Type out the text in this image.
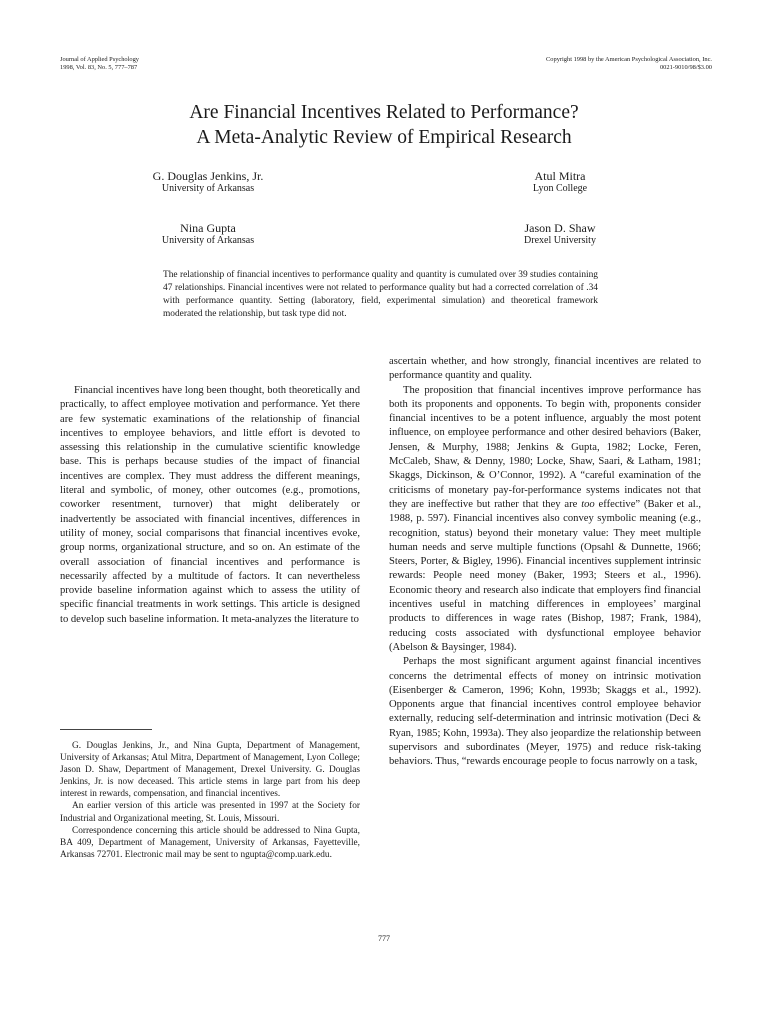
Journal of Applied Psychology
1998, Vol. 83, No. 5, 777–787
Copyright 1998 by the American Psychological Association, Inc.
0021-9010/98/$3.00
Are Financial Incentives Related to Performance?
A Meta-Analytic Review of Empirical Research
G. Douglas Jenkins, Jr.
University of Arkansas
Atul Mitra
Lyon College
Nina Gupta
University of Arkansas
Jason D. Shaw
Drexel University
The relationship of financial incentives to performance quality and quantity is cumulated over 39 studies containing 47 relationships. Financial incentives were not related to performance quality but had a corrected correlation of .34 with performance quantity. Setting (laboratory, field, experimental simulation) and theoretical framework moderated the relationship, but task type did not.

Financial incentives have long been thought, both theoretically and practically, to affect employee motivation and performance. Yet there are few systematic examinations of the relationship of financial incentives to employee behaviors, and little effort is devoted to assessing this relationship in the cumulative scientific knowledge base. This is perhaps because studies of the impact of financial incentives are complex. They must address the different meanings, literal and symbolic, of money, other outcomes (e.g., promotions, coworker resentment, turnover) that might deliberately or inadvertently be associated with financial incentives, differences in utility of money, social comparisons that financial incentives evoke, group norms, organizational structure, and so on. An estimate of the overall association of financial incentives and performance is necessarily affected by a multitude of factors. It can nevertheless provide baseline information against which to assess the utility of specific financial treatments in work settings. This article is designed to develop such baseline information. It meta-analyzes the literature to

ascertain whether, and how strongly, financial incentives are related to performance quantity and quality.

The proposition that financial incentives improve performance has both its proponents and opponents. To begin with, proponents consider financial incentives to be a potent influence, arguably the most potent influence, on employee performance and other desired behaviors (Baker, Jensen, & Murphy, 1988; Jenkins & Gupta, 1982; Locke, Feren, McCaleb, Shaw, & Denny, 1980; Locke, Shaw, Saari, & Latham, 1981; Skaggs, Dickinson, & O’Connor, 1992). A “careful examination of the criticisms of monetary pay-for-performance systems indicates not that they are ineffective but rather that they are too effective” (Baker et al., 1988, p. 597). Financial incentives also convey symbolic meaning (e.g., recognition, status) beyond their monetary value: They meet multiple human needs and serve multiple functions (Opsahl & Dunnette, 1966; Steers, Porter, & Bigley, 1996). Financial incentives supplement intrinsic rewards: People need money (Baker, 1993; Steers et al., 1996). Economic theory and research also indicate that employers find financial incentives useful in matching differences in employees’ marginal products to differences in wage rates (Bishop, 1987; Frank, 1984), reducing costs associated with dysfunctional employee behavior (Abelson & Baysinger, 1984).

Perhaps the most significant argument against financial incentives concerns the detrimental effects of money on intrinsic motivation (Eisenberger & Cameron, 1996; Kohn, 1993b; Skaggs et al., 1992). Opponents argue that financial incentives control employee behavior externally, reducing self-determination and intrinsic motivation (Deci & Ryan, 1985; Kohn, 1993a). They also jeopardize the relationship between supervisors and subordinates (Meyer, 1975) and reduce risk-taking behaviors. Thus, “rewards encourage people to focus narrowly on a task,

G. Douglas Jenkins, Jr., and Nina Gupta, Department of Management, University of Arkansas; Atul Mitra, Department of Management, Lyon College; Jason D. Shaw, Department of Management, Drexel University. G. Douglas Jenkins, Jr. is now deceased. This article stems in large part from his deep interest in rewards, compensation, and financial incentives.

An earlier version of this article was presented in 1997 at the Society for Industrial and Organizational meeting, St. Louis, Missouri.

Correspondence concerning this article should be addressed to Nina Gupta, BA 409, Department of Management, University of Arkansas, Fayetteville, Arkansas 72701. Electronic mail may be sent to ngupta@comp.uark.edu.

777
